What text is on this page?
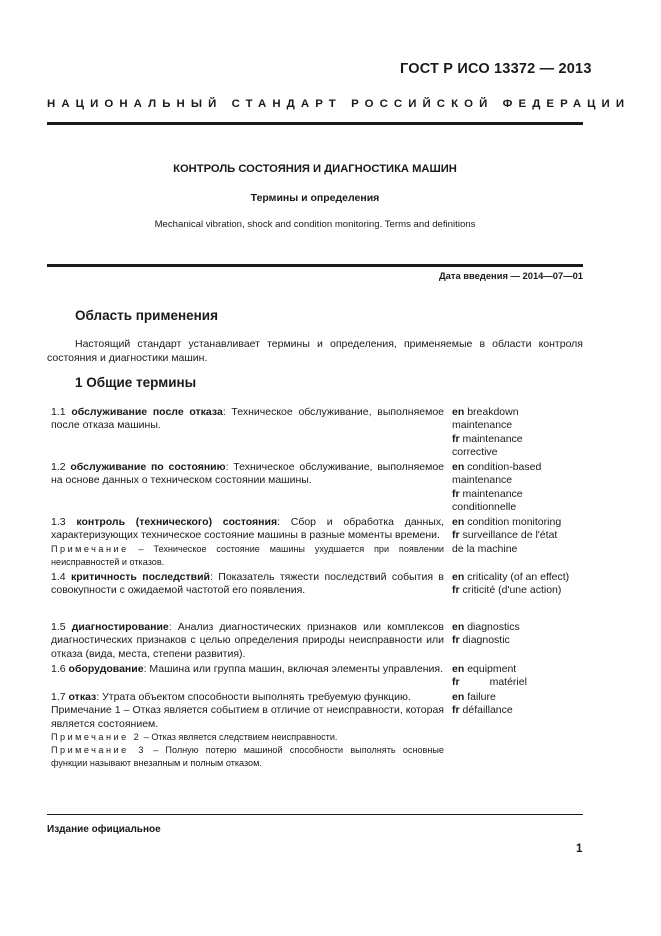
ГОСТ Р ИСО 13372 — 2013
НАЦИОНАЛЬНЫЙ СТАНДАРТ РОССИЙСКОЙ ФЕДЕРАЦИИ
КОНТРОЛЬ СОСТОЯНИЯ И ДИАГНОСТИКА МАШИН
Термины и определения
Mechanical vibration, shock and condition monitoring. Terms and definitions
Дата введения — 2014—07—01
Область применения
Настоящий стандарт устанавливает термины и определения, применяемые в области контроля состояния и диагностики машин.
1 Общие термины
1.1 обслуживание после отказа: Техническое обслуживание, выполняемое после отказа машины.
en breakdown
maintenance
fr maintenance
corrective
1.2 обслуживание по состоянию: Техническое обслуживание, выполняемое на основе данных о техническом состоянии машины.
en condition-based
maintenance
fr maintenance
conditionnelle
1.3 контроль (технического) состояния: Сбор и обработка данных, характеризующих техническое состояние машины в разные моменты времени.
Примечание – Техническое состояние машины ухудшается при появлении неисправностей и отказов.
en condition monitoring
fr surveillance de l'état
de la machine
1.4 критичность последствий: Показатель тяжести последствий события в совокупности с ожидаемой частотой его появления.
en criticality (of an effect)
fr criticité (d'une action)
1.5 диагностирование: Анализ диагностических признаков или комплексов диагностических признаков с целью определения природы неисправности или отказа (вида, места, степени развития).
en diagnostics
fr diagnostic
1.6 оборудование: Машина или группа машин, включая элементы управления. en equipment
fr	matériel
1.7 отказ: Утрата объектом способности выполнять требуемую функцию.
Примечание 1 – Отказ является событием в отличие от неисправности, которая является состоянием.
Примечание 2 – Отказ является следствием неисправности.
Примечание 3 – Полную потерю машиной способности выполнять основные функции называют внезапным и полным отказом.
en failure
fr défaillance
Издание официальное
1
